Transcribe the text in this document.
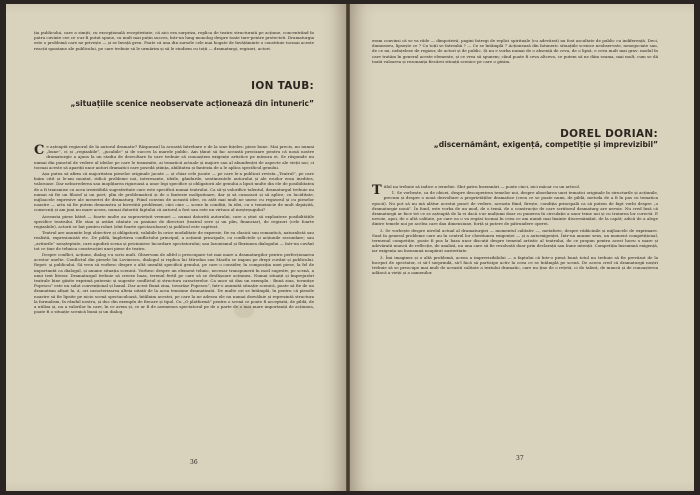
ția publicului, care a simțit, cu excepțională receptivitate, că aici era surpriza, replica de teatru structurată pe acțiune, concentrând în patru cuvinte cee ce s-ar fi putut spune, cu mult mai puțin succes, într-un lung monolog despre toate tare-pentre protecteti. Dramaturgia este o problemă care ne privește — și se învață greu. Poate că una din sursele cele mai bogate de învățăminte o constituie tocmai aceste reacții spontane ale publicului, pe care trebuie să le urmărim și să le studiem cu toții — dramaturgi, regizori, actori.

ION TAUB:

„situațiile scenice neobservate acționează din întuneric”

Ce așteaptă regizorul de la autorul dramatic? Răspunsul la această întrebare e de la sine înțeles: piese bune. Mai precis, nu numai „bune”, ci și „regizabile”, „jucabile” și de succes la marele public. Am țânut să fac această precizare pentru că nouă nostre dramaturgie a ajuns la un stadiu de dezvoltare în care trebuie să cunoaștem exigențe artistice pe măsura ei. Se răspunde nu numai din punctul de vedere al ideilor pe care le transmite, ai tematicii actuale și majore sau al abundenței de aspecte ale vieții noi; ci tocmai aceste să apariții unor autori dramatici care posedă știința, abilitatea și fantezia de a le aplica specificul genului.

Așa putea să afirm că majoritatea pieselor originale jucate — și chiar cele jucate — pe care le-a publicat revista „Teatrul”, pe care înăm citit și le-am montat, ridică probleme noi, interesante, ideile, gândurile, sentimentele autorului și ale eroilor erau inedites, valoroase. Dar neîncrederea sau inoplițarea riguroasă a unor legi specifice și obligatorii ale genului a lipsit multe din ele de posibilitatea de a fi transmise cu acea irezistibilă sugestivitate care este specifică numai teatrului. Ca să-și valorifice talentul, dramaturgul trebuie nu numai să fie un filozof și un poet, plin de problematică și de o fantezie molipsitoare, dar și să cunoască și să aplice, cu luciditate, mijloacele expresive ale meseriei de dramaturg. Fiind convins de această idee, cu atât mai mult ne unesc cu regizorul și cu pieselor noastre — arta să fie putem demonstra și învestită problemei, căci cine — scene în condiții, în idei, cu o temeinicie de mult depășită, consecnți și am juni nu mare aceea, numai datorită faptului că autorul a fost sau este un virtuoz al meșteșugului?

Aceeasta pieze bătrâ — foarte multe au supraviețuit vremuri — numai datorită autorului, care a știut să exploateze posibilitățile specifice teatrului. Ele stau și astăzi cântate cu pasiune de directori (teatrul sere și un plin, financiar), de regizori (cele foarte regizabile), actorii se bat pentru roluri (sînt foarte spectaculoase) și publicul este captivat.

Teatrul are anumite legi obiective și obligatorii, valabile în orice modalitate de expresie, fie ea clasică sau romantică, naturalistă sau realistă, expresionistă etc. De pildă, împletirea conflictului principal, a acțiunii principale, cu conflictele și acțiunile secundare; sau „aviturile” neașteptate, care agudiră scena și pricinuiesc încordare spectatorului; sau lozonismul și flexiunea dialogului — într-un cuvânt tot ce ține de tehnica construcției unei piese de teatru.

Despre conflict, acțiune, dialog s-a scris mult. Observam de altfel o preocupare tot mai mare a dramaturgilor pentru perfecționarea acestor unelte. Conflictul din piesele lui Lovinescu, dialogul și replica lui Mirodan sau Mazilu se impun pe drept cuvânt și publicului. Repet: și publicului. Să vrea să vorbesc despre o altă unealtă specifică genului, pe care o consider, în compoziția unei piese, la fel de importantă ca dialogul, și anume situația scenică. Vorbesc despre un element tehnic, necesar transpunerii în mod sugestiv, pe scenă, a unui text literar. Dramaturgul trebuie să creeze baza, terenul fertil pe care să se desfășoare acțiunea. Numai situații și împrejurări teatrale bine găsite exprimă puternic și sugestiv conflictul și structura caracterelor. Ca unce să dau un exemplu : Bună ziua, tovarășe Popescu” este un salut convențional și banal. Dar acest Bună ziua, tovarășe Popescu”, într-o anumită situație scenică, poate să fie de un dramatism afișat la, ă, ori caracterizarea alteia uitată de la acea tensiune dramatizată. De multe ori se întâmplă, în pentru că piesele noastre să fie lipsite pe nicio scenă spectaculoasă, întâlnim acestei, pe care la ne adesea ele nu numai dezvăluie și reprezintă structura la formalism, în rândul nostru, și duc din exemplu de fiecare și tipul. Cu „O platformă” pentru o scenă ce poate fi acceptată, de pildă, de a utiliza și, nu a valorilor în care, în ce avem și, ce ar fi de asemenea spectatorul pe de o parte de o mai mare importanță de acțiunea, poate fi o situație scenică bună și un dialog.

36

eram convinsi că se va râde — dimpotrivă, pagini întregi de replici spirituale (cu adevărat) nu fost ascultate de public cu indiferență. Deci, dumnezeu, lipsește ce ? Cu toții se întreabă ? — Ce se întâmplă ? Acționează din întuneric situațiile scenice neobservate, nenegociate sau, de ce nu, neînțelese de regizor, de actori și de public. Și nu e vorba numai de o absență de ceva, de o lipsă, e ceva mult mai grav: modul în care tratăm în general aceste elemente, și ce vrea să spunem; când poate fi ceva altceva, ce putem să ne dăm seama, mai mult, cum se dă toată valoarea și rezonanța fiecărei situații scenice pe care o găsim.

DOREL DORIAN:

„discernământ, exigență, competiție și imprevizibil”

Titlul nu trebuie să indice o ierarhie. Sînt patru însemnări — poate cinci, nici măcar cu un articol.

1. Se vorbește, ca de obicei, despre descoperirea temelor noi, despre abordarea unei tematici originale în structurile și acțiunile, precum și despre o nouă dezvoltare a proprietăților dramatice (ceea ce se poate numi, de pildă, metoda de a fi în pas cu tematica epocii). Nu pot să nu mă alătur acestui punct de vedere, aceasta fiind, firește, condiția principală ca să putem de fapt vorbi despre „o dramaturgie nouă”. În fond, este vorba de un mod, de o temă, de o construcție de care scriitorul dramaturg are nevoie. Nu cred însă că dramaturgii ar face tot ce se așteaptă de la ei dacă s-ar mulțumi doar cu punerea în circulație a unor teme noi și cu tratarea lor corectă. E nevoie, apoi, de o altă calitate, pe care ea o va regăsi tocmai în ceea ce am numit mai înainte discernământ, de la capăt; adică de a alege dintre temele noi pe acelea care dau dimensiune, forță și putere de pătrundere operei.

2. Se vorbește despre nivelul actual al dramaturgiei — momentul calitativ —, metaforic, despre rădăcinile și mijloacele de exprimare. Sunt în general probleme care au în centrul lor chestiunea exigenței — și a autoexigenței. Într-un anume sens, un moment competițional, termenul competiție, poate fi pus la baza unor discuții despre temeiul artistic al teatrului, de ce propun pentru acest lucru o mare și adevărată muncă de reflecție, de analiză, nu una care să fie rezolvată doar prin declarații sau bune intenții. Competiția înseamnă exigență, iar exigența nu înseamnă neapărat austeritate.

3. Îmi imaginez și o altă problemă, aceea a imprevizibilului — a faptului că într-o piesă bună totul nu trebuie să fie prevăzut de la început de spectator, ci să-l surprindă, să-l facă să participe activ la ceea ce se întâmplă pe scenă. De aceea cred că dramaturgii noștri trebuie să se preocupe mai mult de această calitate a textului dramatic, care nu ține de o rețetă, ci de talent, de muncă și de cunoașterea adâncă a vieții și a oamenilor.

37
